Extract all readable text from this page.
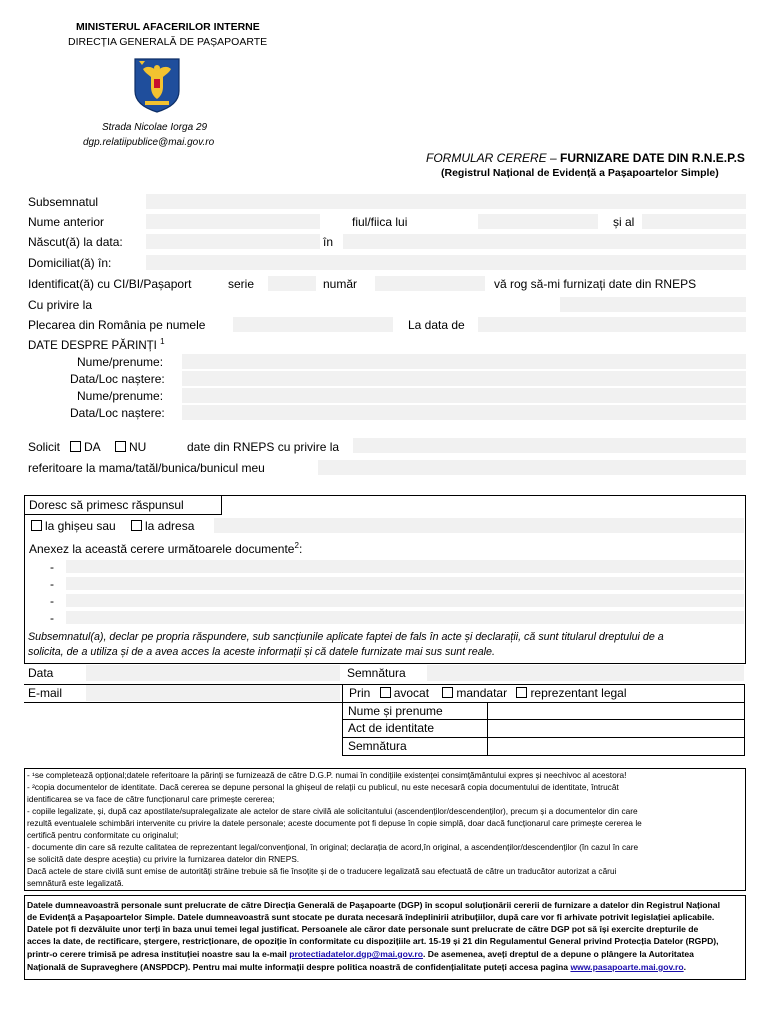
MINISTERUL AFACERILOR INTERNE
DIRECȚIA GENERALĂ DE PAȘAPOARTE
Strada Nicolae Iorga 29
dgp.relatiipublice@mai.gov.ro
FORMULAR CERERE – FURNIZARE DATE DIN R.N.E.P.S
(Registrul Național de Evidență a Pașapoartelor Simple)
Subsemnatul
Nume anterior	fiul/fiica lui	și al
Născut(ă) la data:	în
Domiciliat(ă) în:
Identificat(ă) cu CI/BI/Pașaport	serie	număr	vă rog să-mi furnizați date din RNEPS
Cu privire la
Plecarea din România pe numele	La data de
DATE DESPRE PĂRINȚI $^1$
Nume/prenume:
Data/Loc naștere:
Nume/prenume:
Data/Loc naștere:
Solicit	DA	NU	date din RNEPS cu privire la
referitoare la mama/tatăl/bunica/bunicul meu
Doresc să primesc răspunsul
la ghișeu sau	la adresa
Anexez la această cerere următoarele documente$^2$:
-
-
-
-
Subsemnatul(a), declar pe propria răspundere, sub sancțiunile aplicate faptei de fals în acte și declarații, că sunt titularul dreptului de a
solicita, de a utiliza și de a avea acces la aceste informații și că datele furnizate mai sus sunt reale.
Data	Semnătura
E-mail	Prin avocat mandatar reprezentant legal
Nume și prenume
Act de identitate
Semnătura
- ¹se completează opțional;datele referitoare la părinți se furnizează de către D.G.P. numai în condițiile existenței consimțământului expres și neechivoc al acestora!
- ²copia documentelor de identitate. Dacă cererea se depune personal la ghișeul de relații cu publicul, nu este necesară copia documentului de identitate, întrucât
identificarea se va face de către funcționarul care primește cererea;
- copiile legalizate, și, după caz apostilate/supralegalizate ale actelor de stare civilă ale solicitantului (ascendenților/descendenților), precum și a documentelor din care
rezultă eventualele schimbări intervenite cu privire la datele personale; aceste documente pot fi depuse în copie simplă, doar dacă funcționarul care primește cererea le
certifică pentru conformitate cu originalul;
- documente din care să rezulte calitatea de reprezentant legal/convențional, în original; declarația de acord,în original, a ascendenților/descendenților (în cazul în care
se solicită date despre aceștia) cu privire la furnizarea datelor din RNEPS.
Dacă actele de stare civilă sunt emise de autorități străine trebuie să fie însoțite și de o traducere legalizată sau efectuată de către un traducător autorizat a cărui
semnătură este legalizată.
Datele dumneavoastră personale sunt prelucrate de către Direcția Generală de Pașapoarte (DGP) în scopul soluționării cererii de furnizare a datelor din Registrul Național
de Evidență a Pașapoartelor Simple. Datele dumneavoastră sunt stocate pe durata necesară îndeplinirii atribuțiilor, după care vor fi arhivate potrivit legislației aplicabile.
Datele pot fi dezvăluite unor terți în baza unui temei legal justificat. Persoanele ale căror date personale sunt prelucrate de către DGP pot să își exercite drepturile de
acces la date, de rectificare, ștergere, restricționare, de opoziție în conformitate cu dispozițiile art. 15-19 și 21 din Regulamentul General privind Protecția Datelor (RGPD),
printr-o cerere trimisă pe adresa instituției noastre sau la e-mail protectiadatelor.dgp@mai.gov.ro. De asemenea, aveți dreptul de a depune o plângere la Autoritatea
Națională de Supraveghere (ANSPDCP). Pentru mai multe informații despre politica noastră de confidențialitate puteți accesa pagina www.pasapoarte.mai.gov.ro.
